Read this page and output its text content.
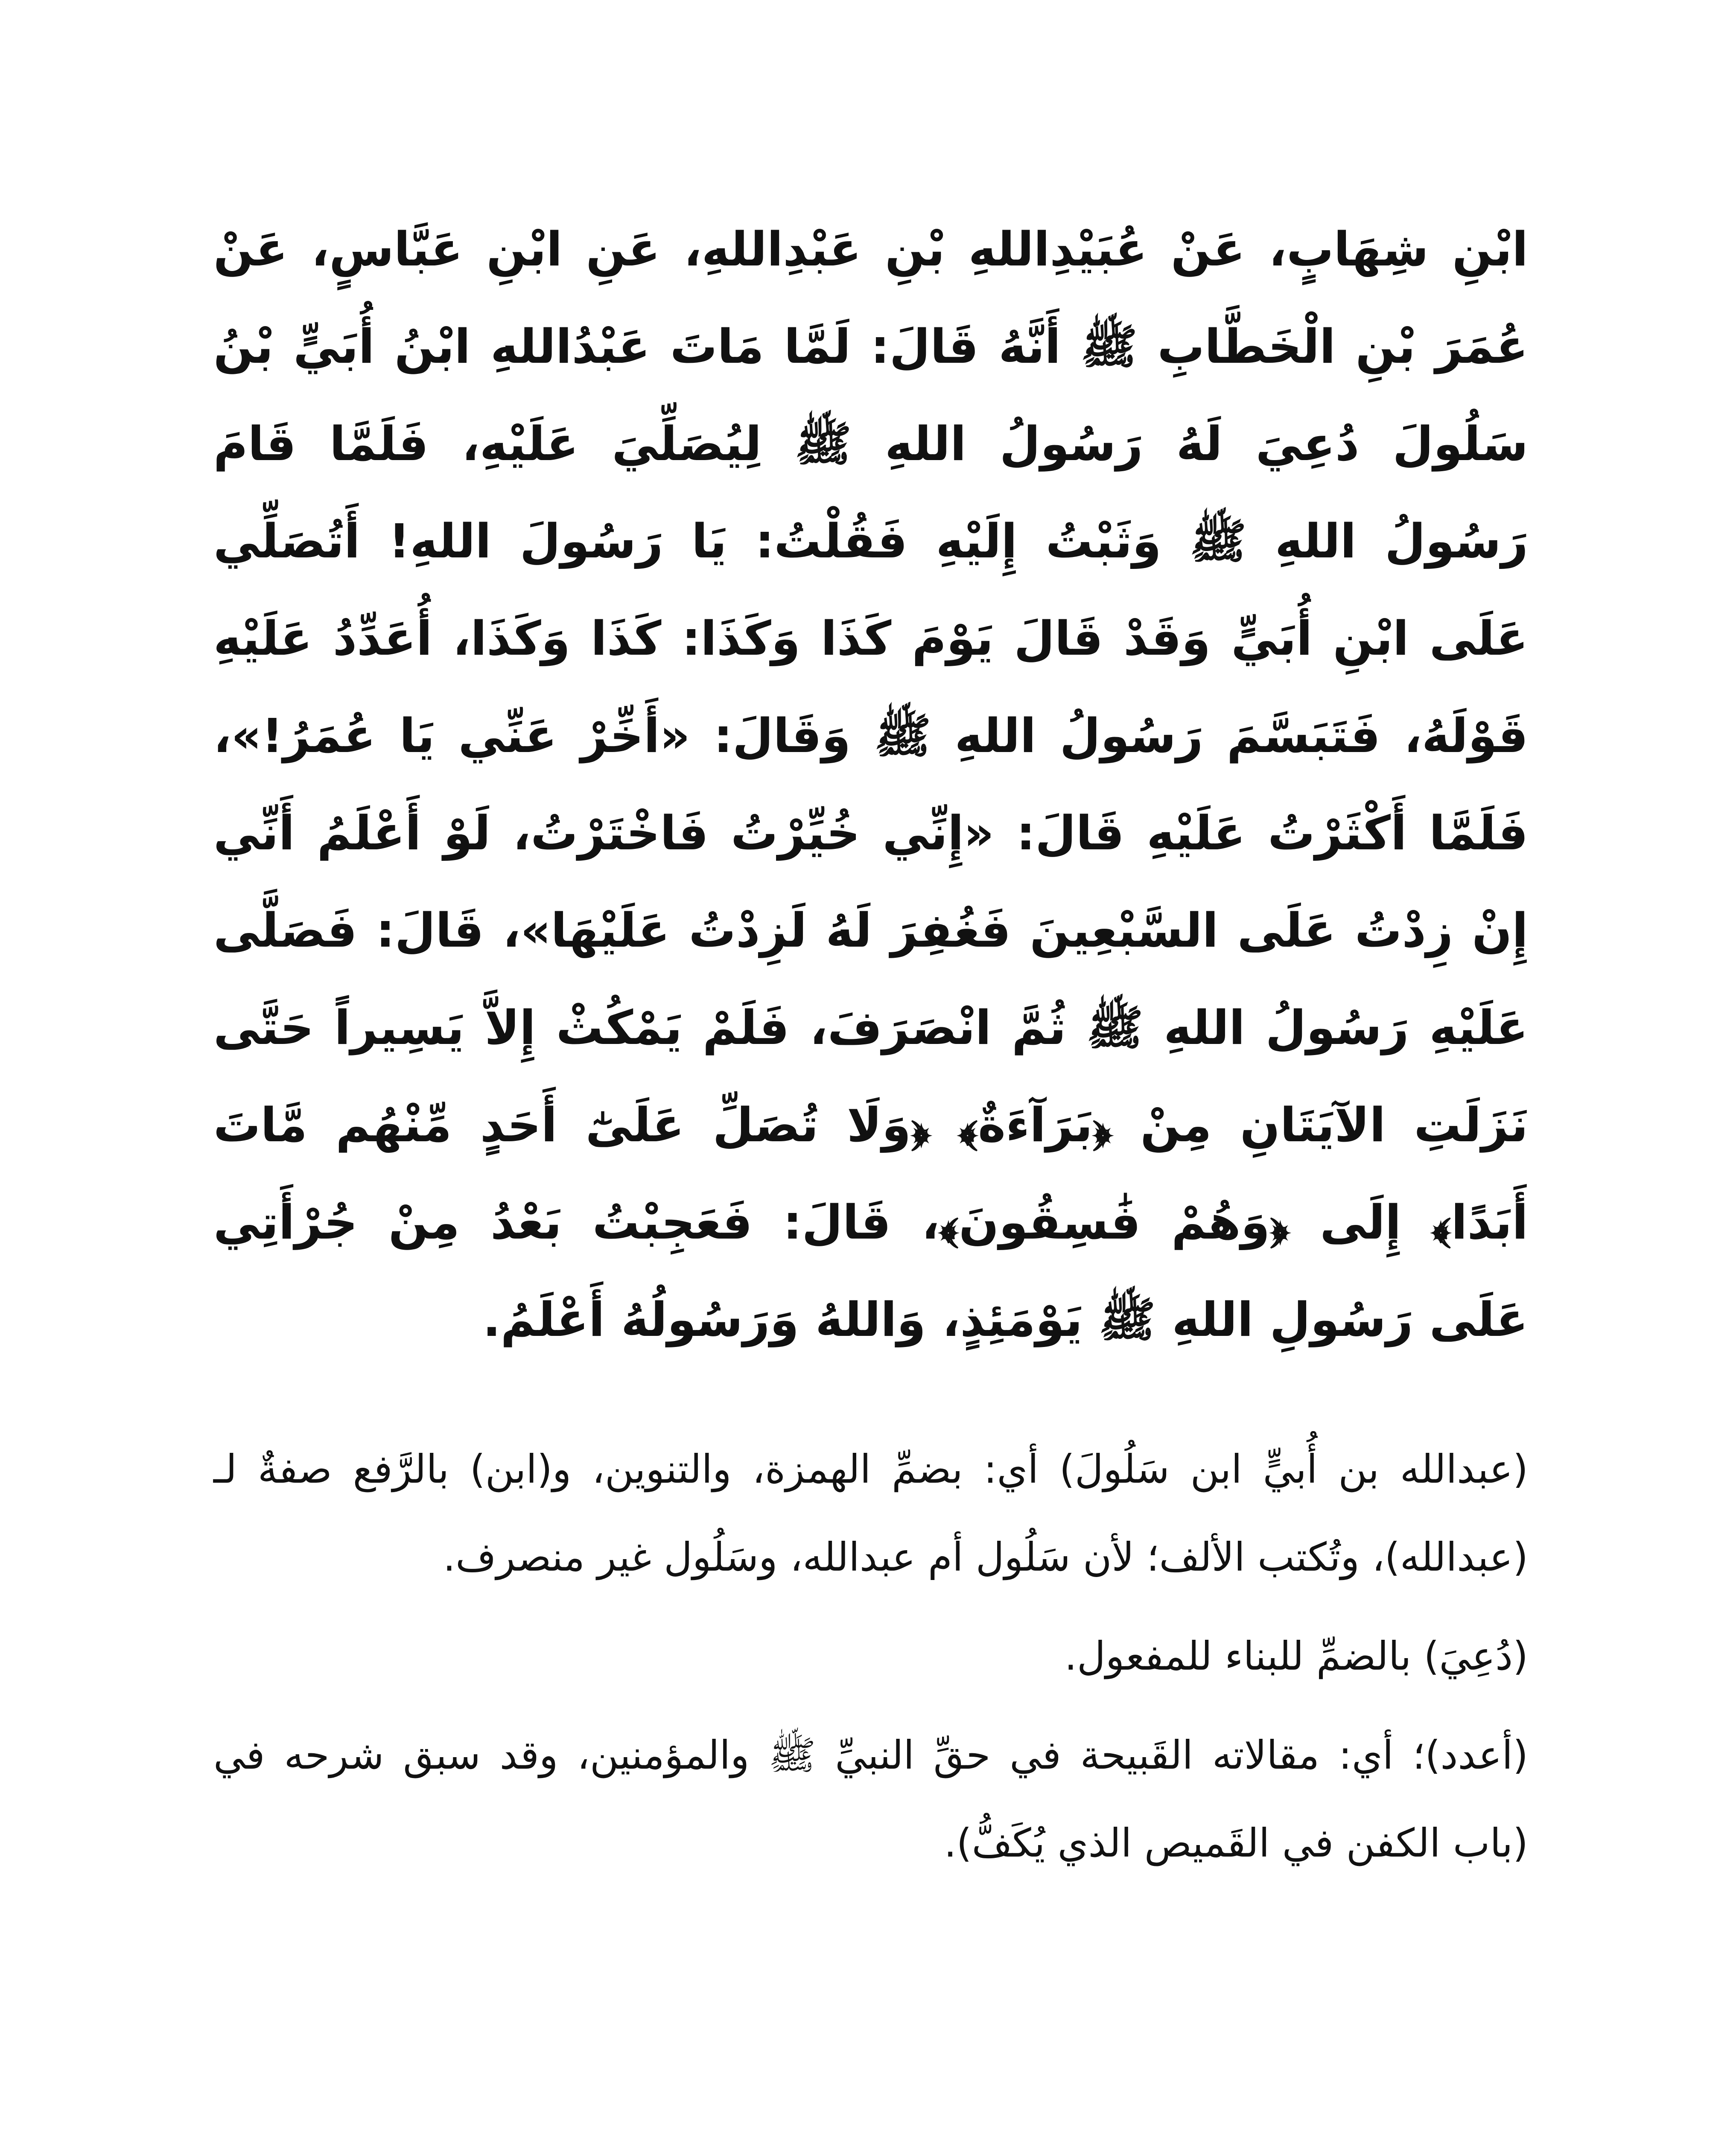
ابْنِ شِهَابٍ، عَنْ عُبَيْدِاللهِ بْنِ عَبْدِاللهِ، عَنِ ابْنِ عَبَّاسٍ، عَنْ عُمَرَ بْنِ الْخَطَّابِ ﷺ أَنَّهُ قَالَ: لَمَّا مَاتَ عَبْدُاللهِ ابْنُ أُبَيٍّ بْنُ سَلُولَ دُعِيَ لَهُ رَسُولُ اللهِ ﷺ لِيُصَلِّيَ عَلَيْهِ، فَلَمَّا قَامَ رَسُولُ اللهِ ﷺ وَثَبْتُ إِلَيْهِ فَقُلْتُ: يَا رَسُولَ اللهِ! أَتُصَلِّي عَلَى ابْنِ أُبَيٍّ وَقَدْ قَالَ يَوْمَ كَذَا وَكَذَا: كَذَا وَكَذَا، أُعَدِّدُ عَلَيْهِ قَوْلَهُ، فَتَبَسَّمَ رَسُولُ اللهِ ﷺ وَقَالَ: «أَخِّرْ عَنِّي يَا عُمَرُ!»، فَلَمَّا أَكْثَرْتُ عَلَيْهِ قَالَ: «إِنِّي خُيِّرْتُ فَاخْتَرْتُ، لَوْ أَعْلَمُ أَنِّي إِنْ زِدْتُ عَلَى السَّبْعِينَ فَغُفِرَ لَهُ لَزِدْتُ عَلَيْهَا»، قَالَ: فَصَلَّى عَلَيْهِ رَسُولُ اللهِ ﷺ ثُمَّ انْصَرَفَ، فَلَمْ يَمْكُثْ إِلاَّ يَسِيراً حَتَّى نَزَلَتِ الآيَتَانِ مِنْ ﴿بَرَآءَةٌ﴾ ﴿وَلَا تُصَلِّ عَلَىٰٓ أَحَدٍ مِّنْهُم مَّاتَ أَبَدًا﴾ إِلَى ﴿وَهُمْ فَٰسِقُونَ﴾، قَالَ: فَعَجِبْتُ بَعْدُ مِنْ جُرْأَتِي عَلَى رَسُولِ اللهِ ﷺ يَوْمَئِذٍ، وَاللهُ وَرَسُولُهُ أَعْلَمُ.

(عبدالله بن أُبيٍّ ابن سَلُولَ) أي: بضمِّ الهمزة، والتنوين، و(ابن) بالرَّفع صفةٌ لـ (عبدالله)، وتُكتب الألف؛ لأن سَلُول أم عبدالله، وسَلُول غير منصرف.

(دُعِيَ) بالضمِّ للبناء للمفعول.

(أعدد)؛ أي: مقالاته القَبيحة في حقِّ النبيِّ ﷺ والمؤمنين، وقد سبق شرحه في (باب الكفن في القَميص الذي يُكَفُّ).
